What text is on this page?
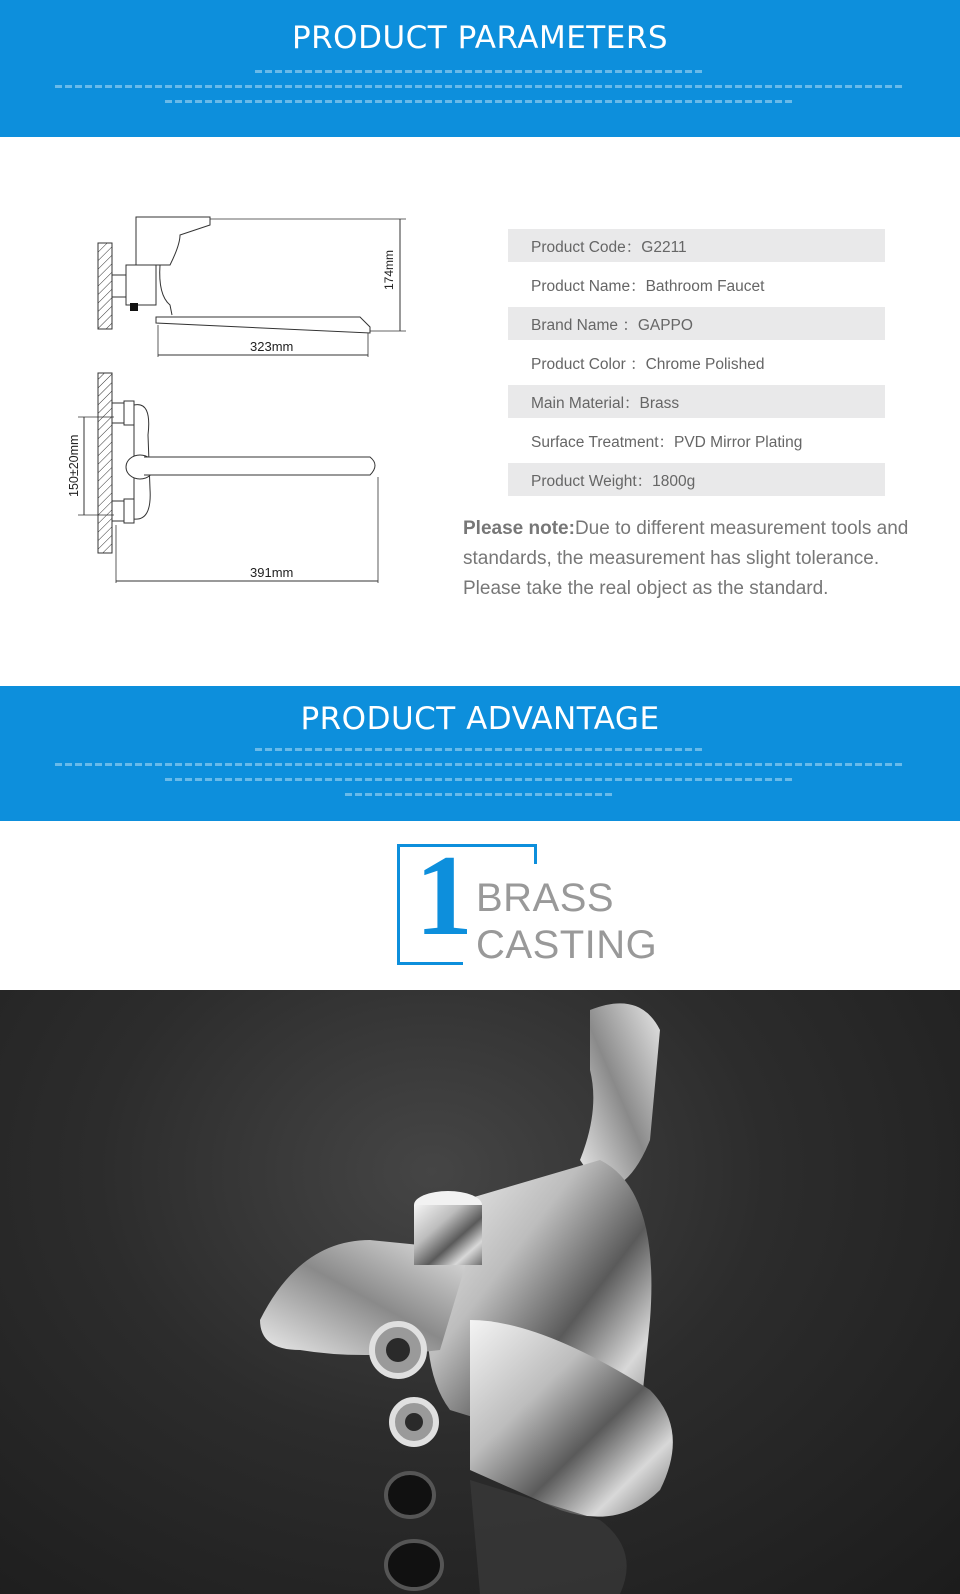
PRODUCT PARAMETERS
174mm
323mm
150±20mm
391mm
Product Code：G2211
Product Name：Bathroom Faucet
Brand Name ：GAPPO
Product Color ：Chrome Polished
Main Material：Brass
Surface Treatment：PVD Mirror Plating
Product Weight：1800g
Please note:Due to different measurement tools and standards, the measurement has slight tolerance. Please take the real object as the standard.
PRODUCT ADVANTAGE
1 BRASS
CASTING
